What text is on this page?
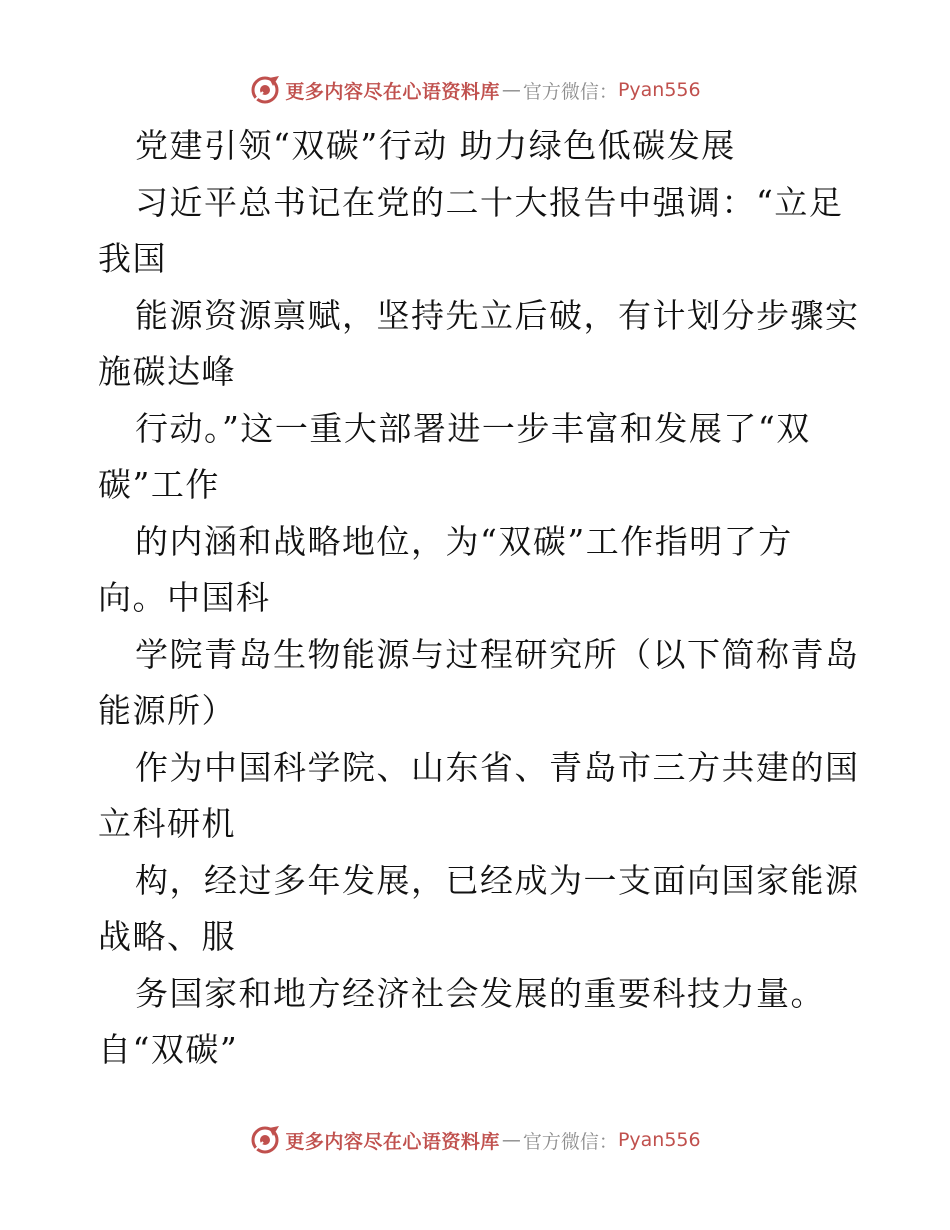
更多内容尽在心语资料库 — 官方微信： Pyan556
党建引领“双碳”行动 助力绿色低碳发展
习近平总书记在党的二十大报告中强调：“立足
我国
能源资源禀赋，坚持先立后破，有计划分步骤实
施碳达峰
行动。”这一重大部署进一步丰富和发展了“双
碳”工作
的内涵和战略地位，为“双碳”工作指明了方
向。中国科
学院青岛生物能源与过程研究所（以下简称青岛
能源所）
作为中国科学院、山东省、青岛市三方共建的国
立科研机
构，经过多年发展，已经成为一支面向国家能源
战略、服
务国家和地方经济社会发展的重要科技力量。
自“双碳”
更多内容尽在心语资料库 — 官方微信： Pyan556
